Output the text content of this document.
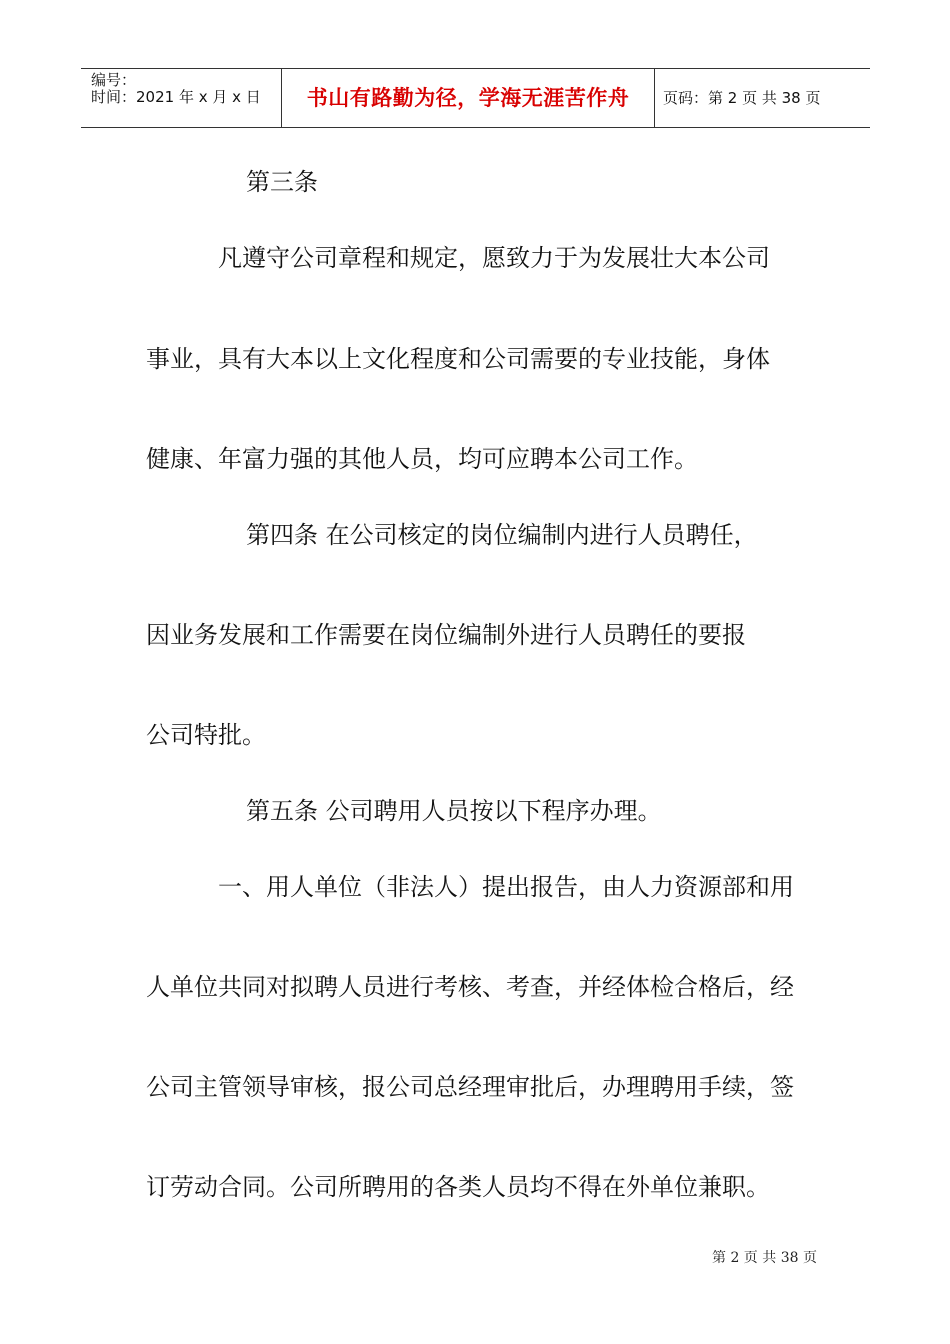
编号：
时间：2021 年 x 月 x 日	书山有路勤为径，学海无涯苦作舟	页码：第 2 页 共 38 页
第三条
凡遵守公司章程和规定，愿致力于为发展壮大本公司
事业，具有大本以上文化程度和公司需要的专业技能，身体
健康、年富力强的其他人员，均可应聘本公司工作。
第四条 在公司核定的岗位编制内进行人员聘任，
因业务发展和工作需要在岗位编制外进行人员聘任的要报
公司特批。
第五条 公司聘用人员按以下程序办理。
一、用人单位（非法人）提出报告，由人力资源部和用
人单位共同对拟聘人员进行考核、考查，并经体检合格后，经
公司主管领导审核，报公司总经理审批后，办理聘用手续，签
订劳动合同。公司所聘用的各类人员均不得在外单位兼职。
第 2 页 共 38 页
